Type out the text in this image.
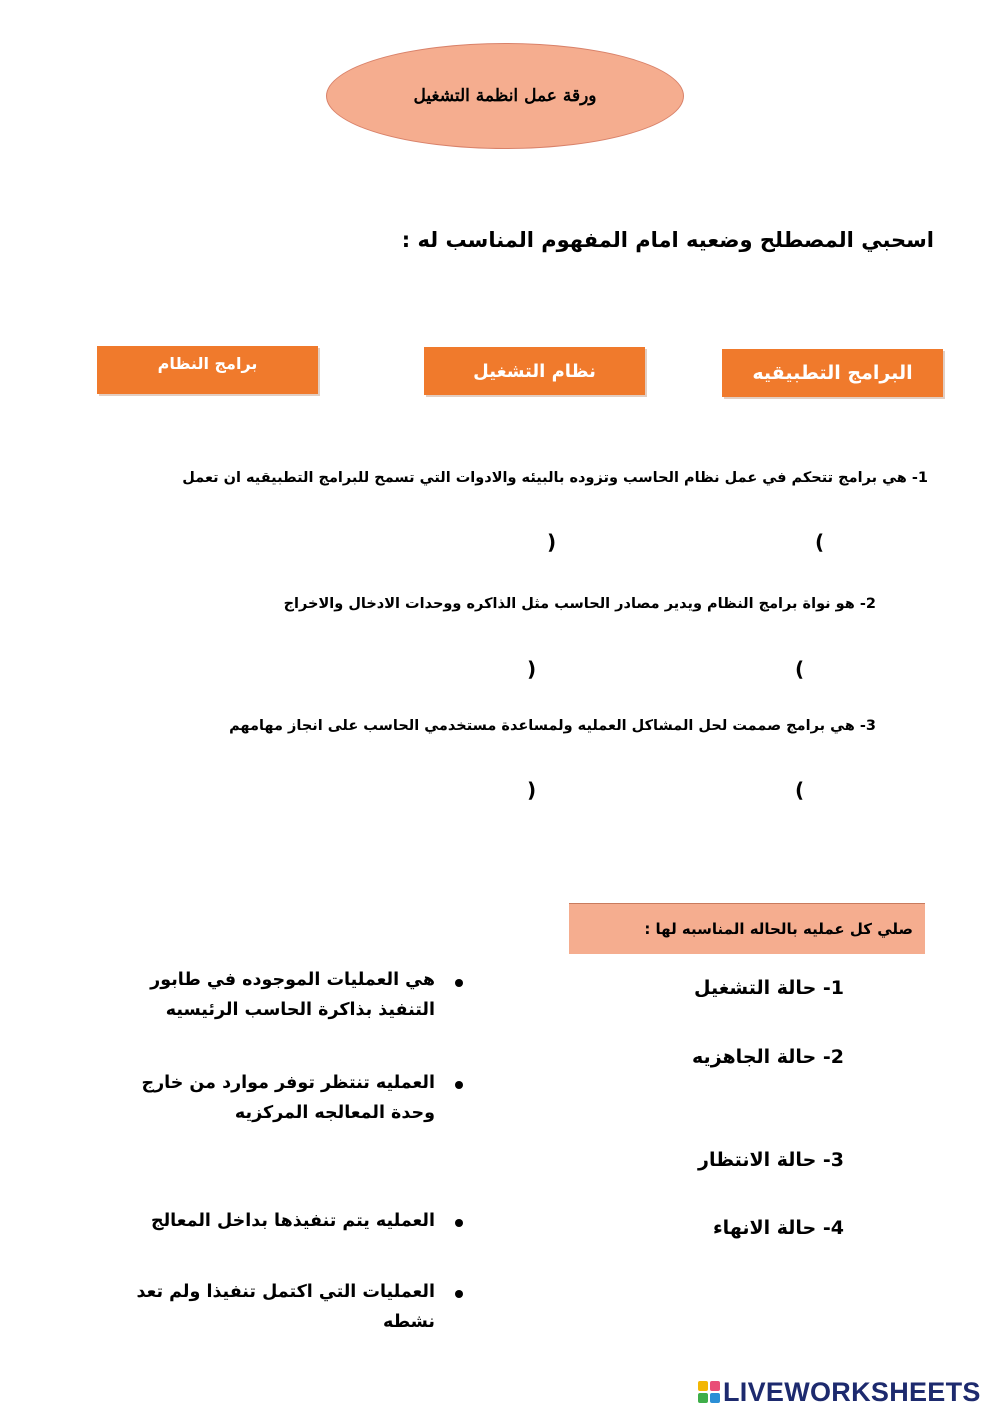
ورقة عمل انظمة التشغيل
اسحبي المصطلح وضعيه امام المفهوم المناسب له :
البرامج التطبيقيه
نظام التشغيل
برامج النظام
1- هي برامج تتحكم في عمل نظام الحاسب وتزوده بالبيئه والادوات التي تسمح للبرامج التطبيقيه ان تعمل
(
)
2- هو نواة برامج النظام ويدير مصادر الحاسب مثل الذاكره ووحدات الادخال والاخراج
(
)
3- هي برامج صممت لحل المشاكل العمليه ولمساعدة مستخدمي الحاسب على انجاز مهامهم
(
)
صلي كل عمليه بالحاله المناسبه لها :
1- حالة التشغيل
2- حالة الجاهزيه
3- حالة الانتظار
4- حالة الانهاء
هي العمليات الموجوده في طابور التنفيذ بذاكرة الحاسب الرئيسيه
العمليه تنتظر توفر موارد من خارج وحدة المعالجه المركزيه
العمليه يتم تنفيذها بداخل المعالج
العمليات التي اكتمل تنفيذا ولم تعد نشطه
LIVEWORKSHEETS
